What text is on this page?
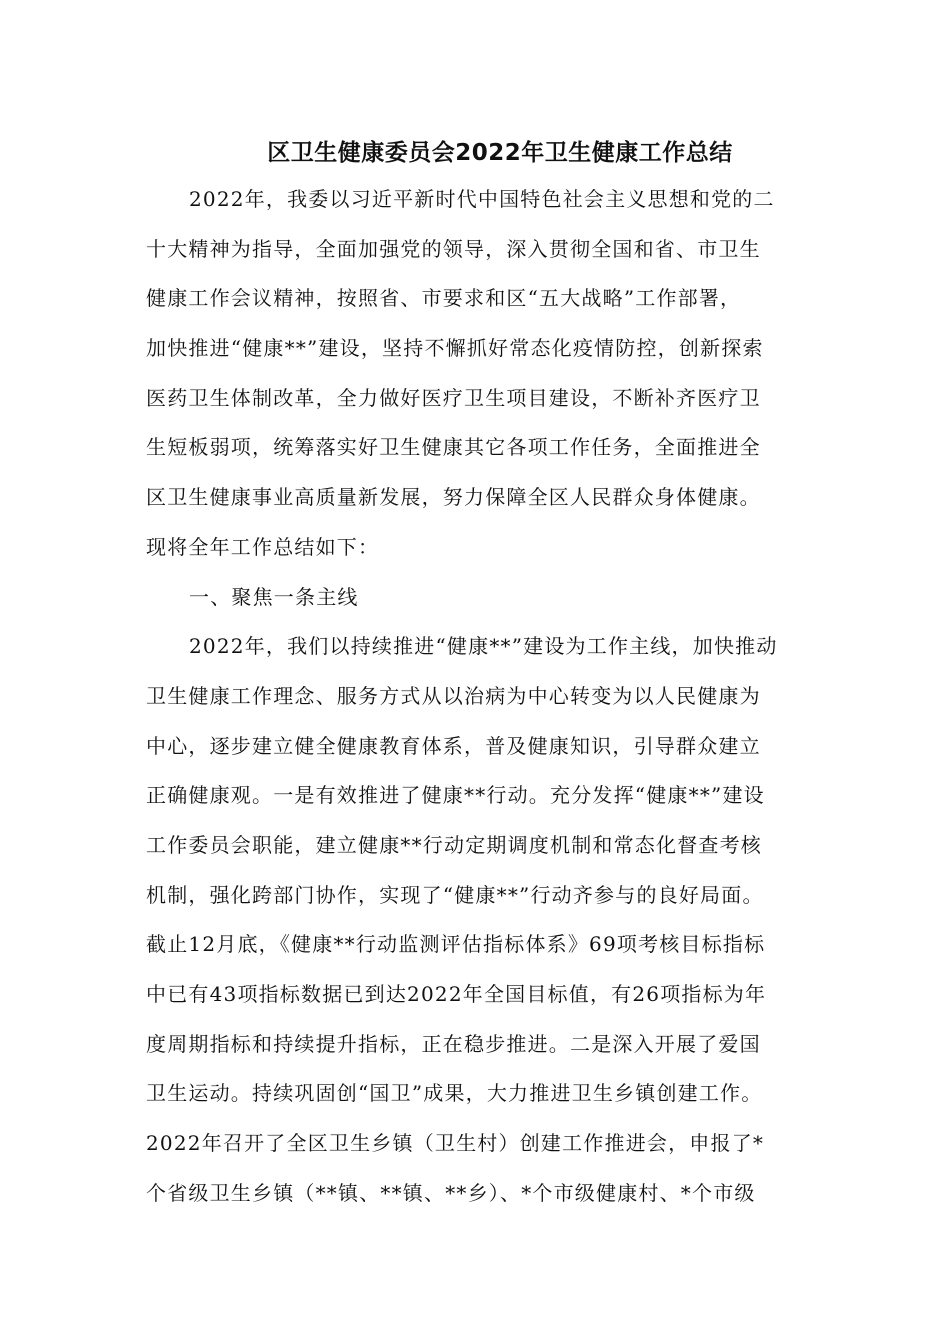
区卫生健康委员会2022年卫生健康工作总结
2022年，我委以习近平新时代中国特色社会主义思想和党的二
十大精神为指导，全面加强党的领导，深入贯彻全国和省、市卫生
健康工作会议精神，按照省、市要求和区“五大战略”工作部署，
加快推进“健康**”建设，坚持不懈抓好常态化疫情防控，创新探索
医药卫生体制改革，全力做好医疗卫生项目建设，不断补齐医疗卫
生短板弱项，统筹落实好卫生健康其它各项工作任务，全面推进全
区卫生健康事业高质量新发展，努力保障全区人民群众身体健康。
现将全年工作总结如下：
一、聚焦一条主线
2022年，我们以持续推进“健康**”建设为工作主线，加快推动
卫生健康工作理念、服务方式从以治病为中心转变为以人民健康为
中心，逐步建立健全健康教育体系，普及健康知识，引导群众建立
正确健康观。一是有效推进了健康**行动。充分发挥“健康**”建设
工作委员会职能，建立健康**行动定期调度机制和常态化督查考核
机制，强化跨部门协作，实现了“健康**”行动齐参与的良好局面。
截止12月底，《健康**行动监测评估指标体系》69项考核目标指标
中已有43项指标数据已到达2022年全国目标值，有26项指标为年
度周期指标和持续提升指标，正在稳步推进。二是深入开展了爱国
卫生运动。持续巩固创“国卫”成果，大力推进卫生乡镇创建工作。
2022年召开了全区卫生乡镇（卫生村）创建工作推进会，申报了*
个省级卫生乡镇（**镇、**镇、**乡）、*个市级健康村、*个市级
